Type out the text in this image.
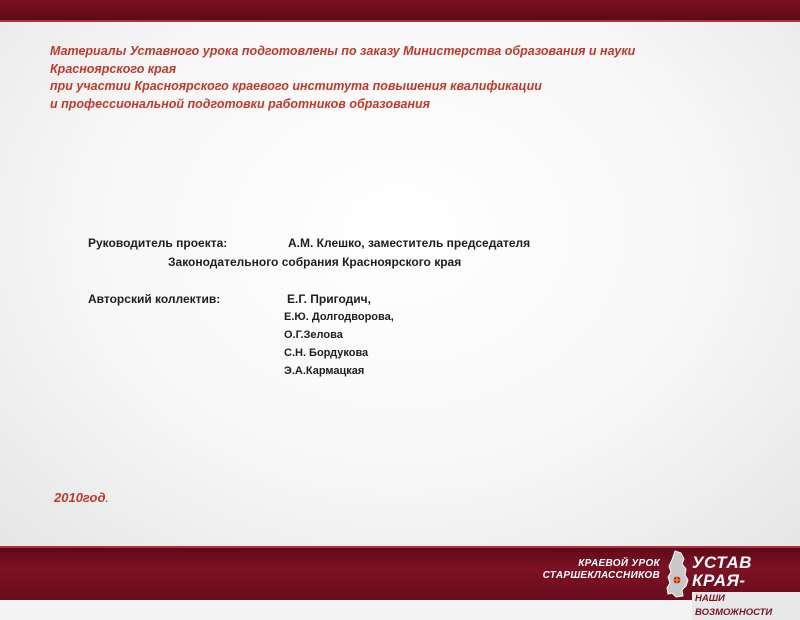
Материалы Уставного урока подготовлены по заказу Министерства образования и науки
Красноярского края
при участии Красноярского краевого института повышения квалификации
и профессиональной подготовки работников образования
Руководитель проекта:	А.М. Клешко, заместитель председателя
Законодательного собрания Красноярского края
Авторский коллектив:	Е.Г. Пригодич,
Е.Ю. Долгодворова,
О.Г.Зелова
С.Н. Бордукова
Э.А.Кармацкая
2010год.
КРАЕВОЙ УРОК
СТАРШЕКЛАССНИКОВ
УСТАВ КРАЯ-
НАШИ ВОЗМОЖНОСТИ
